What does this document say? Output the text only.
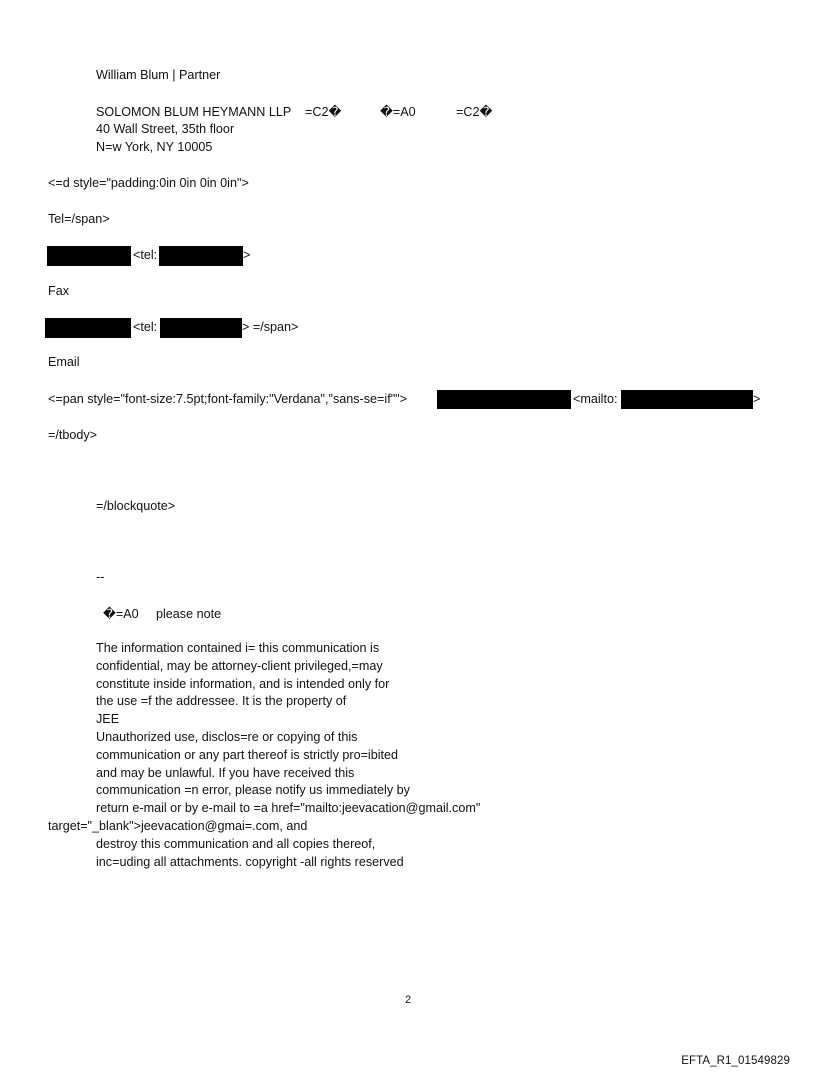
William Blum | Partner
SOLOMON BLUM HEYMANN LLP =C2�	�=A0	=C2�
40 Wall Street, 35th floor
N=w York, NY 10005
<=d style="padding:0in 0in 0in 0in">
Tel=/span>
<tel:	>
Fax
<tel:	> =/span>
Email
<=pan style="font-size:7.5pt;font-family:"Verdana","sans-se=if"">	<mailto:	>
=/tbody>
=/blockquote>
--
�=A0 please note
The information contained i= this communication is
confidential, may be attorney-client privileged,=may
constitute inside information, and is intended only for
the use =f the addressee. It is the property of
JEE
Unauthorized use, disclos=re or copying of this
communication or any part thereof is strictly pro=ibited
and may be unlawful. If you have received this
communication =n error, please notify us immediately by
return e-mail or by e-mail to =a href="mailto:jeevacation@gmail.com"
target="_blank">jeevacation@gmai=.com, and
destroy this communication and all copies thereof,
inc=uding all attachments. copyright -all rights reserved
2
EFTA_R1_01549829
